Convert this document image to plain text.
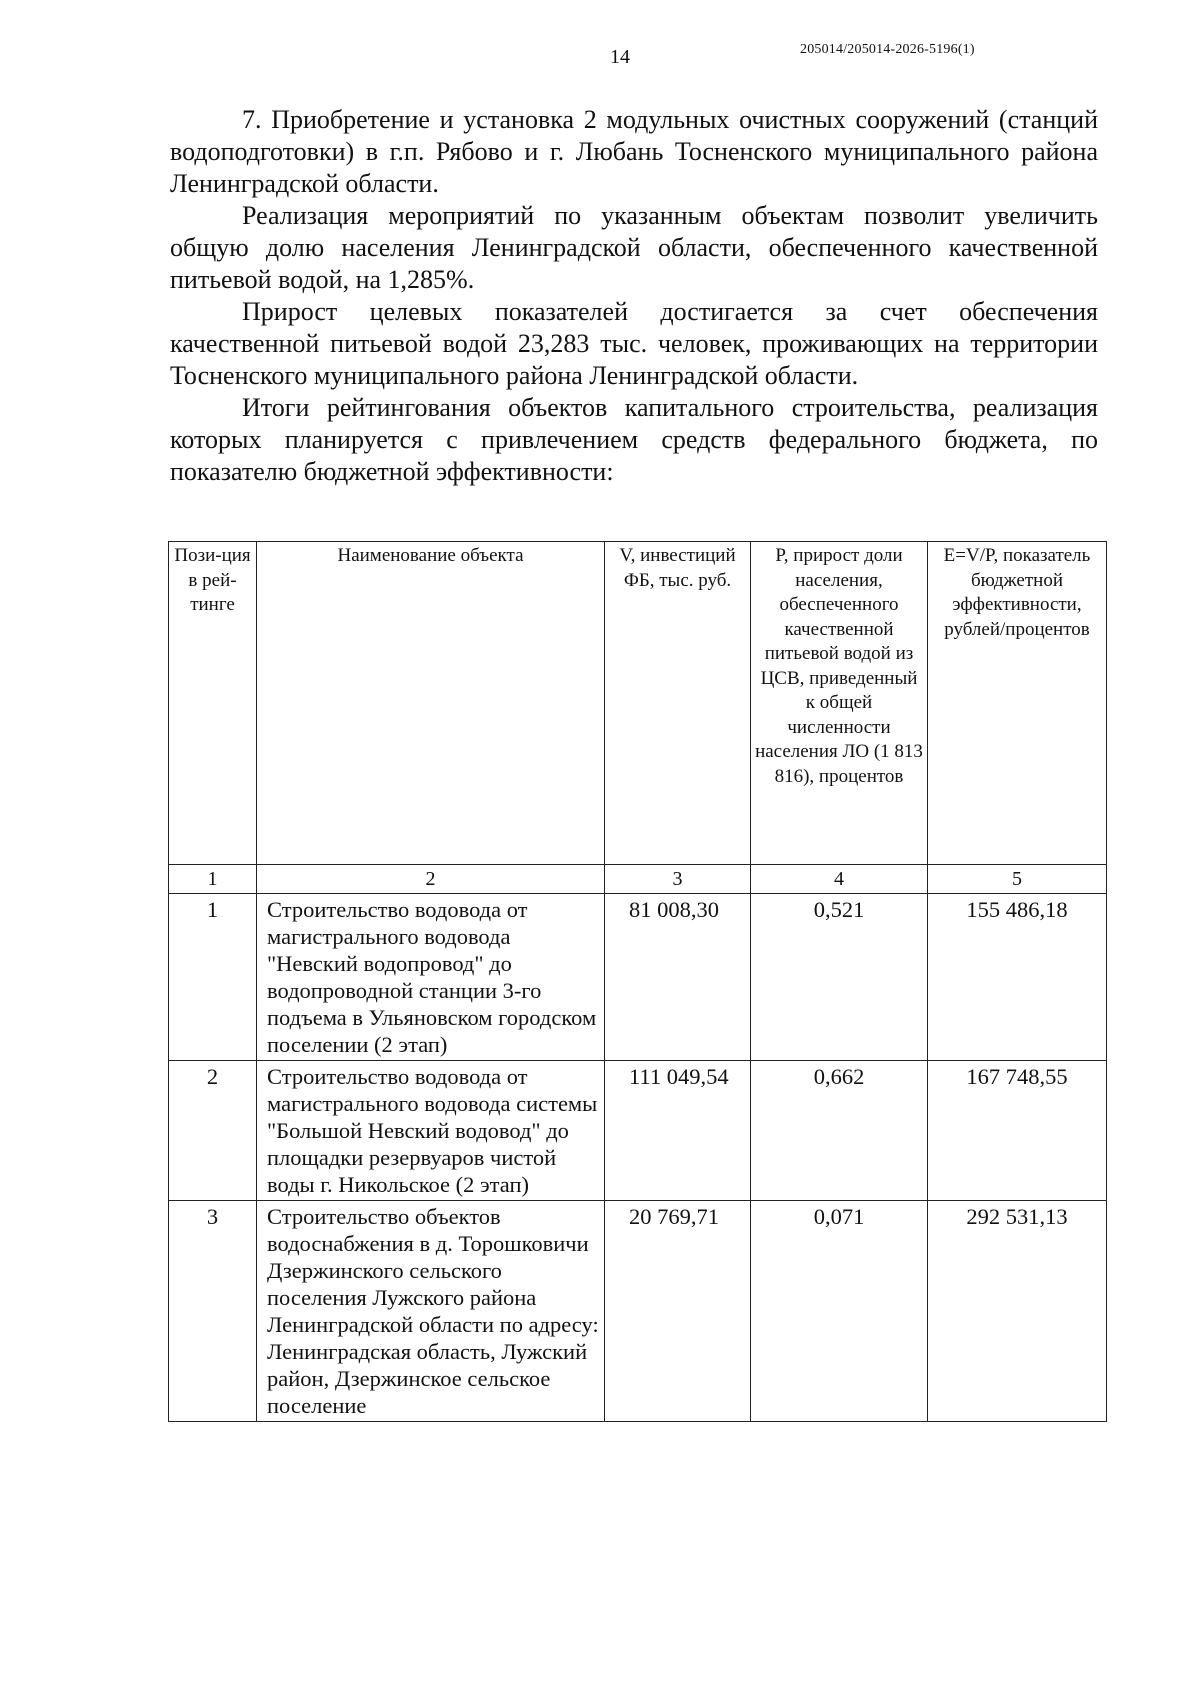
14	205014/205014-2026-5196(1)

7. Приобретение и установка 2 модульных очистных сооружений (станций водоподготовки) в г.п. Рябово и г. Любань Тосненского муниципального района Ленинградской области.

Реализация мероприятий по указанным объектам позволит увеличить общую долю населения Ленинградской области, обеспеченного качественной питьевой водой, на 1,285%.

Прирост целевых показателей достигается за счет обеспечения качественной питьевой водой 23,283 тыс. человек, проживающих на территории Тосненского муниципального района Ленинградской области.

Итоги рейтингования объектов капитального строительства, реализация которых планируется с привлечением средств федерального бюджета, по показателю бюджетной эффективности:

Пози-ция в рей-тинге	Наименование объекта	V, инвестиций ФБ, тыс. руб.	P, прирост доли населения, обеспеченного качественной питьевой водой из ЦСВ, приведенный к общей численности населения ЛО (1 813 816), процентов	E=V/P, показатель бюджетной эффективности, рублей/процентов
1	2	3	4	5
1	Строительство водовода от магистрального водовода "Невский водопровод" до водопроводной станции 3-го подъема в Ульяновском городском поселении (2 этап)	81 008,30	0,521	155 486,18
2	Строительство водовода от магистрального водовода системы "Большой Невский водовод" до площадки резервуаров чистой воды г. Никольское (2 этап)	111 049,54	0,662	167 748,55
3	Строительство объектов водоснабжения в д. Торошковичи Дзержинского сельского поселения Лужского района Ленинградской области по адресу: Ленинградская область, Лужский район, Дзержинское сельское поселение	20 769,71	0,071	292 531,13
